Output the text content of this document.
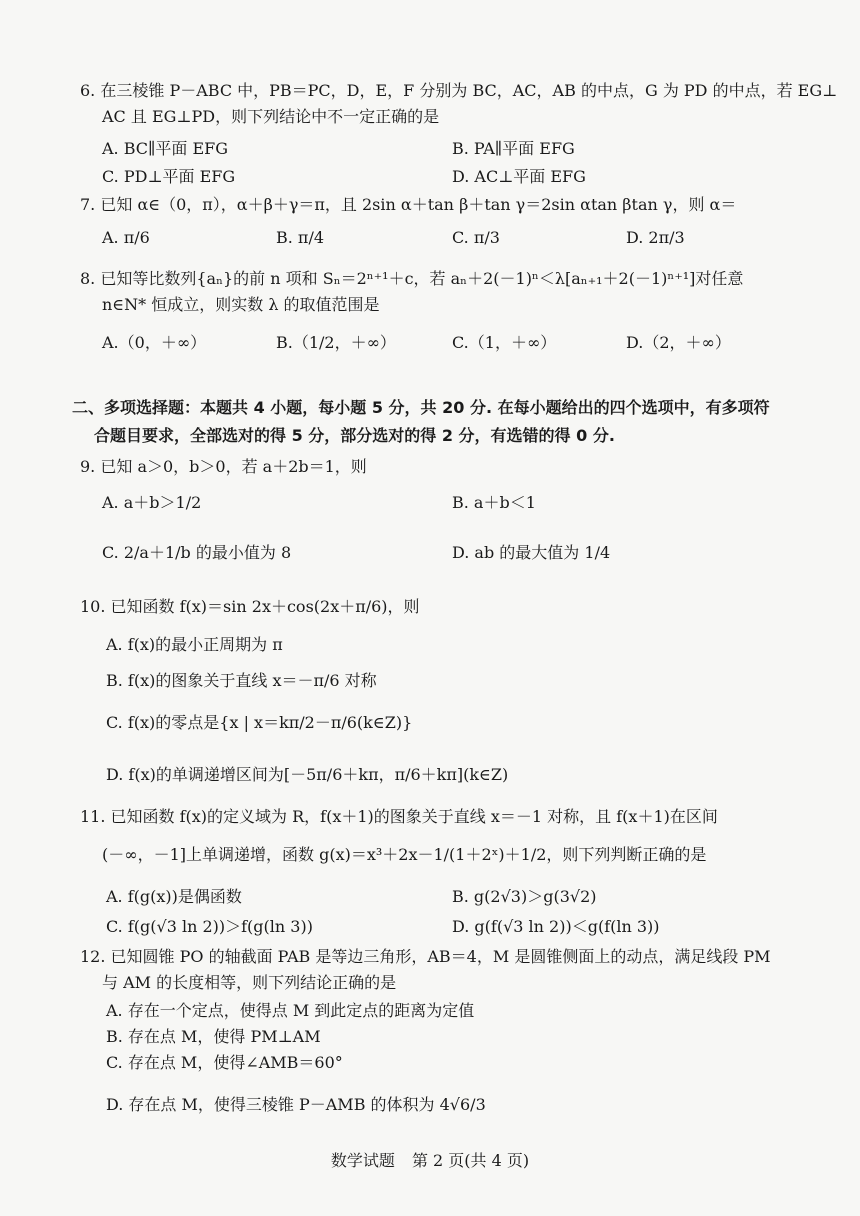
6. 在三棱锥 P－ABC 中，PB＝PC，D，E，F 分别为 BC，AC，AB 的中点，G 为 PD 的中点，若 EG⊥
AC 且 EG⊥PD，则下列结论中不一定正确的是
A. BC∥平面 EFG	B. PA∥平面 EFG
C. PD⊥平面 EFG	D. AC⊥平面 EFG
7. 已知 α∈（0，π），α＋β＋γ＝π，且 2sin α＋tan β＋tan γ＝2sin αtan βtan γ，则 α＝
A. π/6	B. π/4	C. π/3	D. 2π/3
8. 已知等比数列{aₙ}的前 n 项和 Sₙ＝2ⁿ⁺¹＋c，若 aₙ＋2(－1)ⁿ＜λ[aₙ₊₁＋2(－1)ⁿ⁺¹]对任意
n∈N* 恒成立，则实数 λ 的取值范围是
A.（0，＋∞）	B.（1/2，＋∞）	C.（1，＋∞）	D.（2，＋∞）
二、多项选择题：本题共 4 小题，每小题 5 分，共 20 分. 在每小题给出的四个选项中，有多项符
合题目要求，全部选对的得 5 分，部分选对的得 2 分，有选错的得 0 分.
9. 已知 a＞0，b＞0，若 a＋2b＝1，则
A. a＋b＞1/2	B. a＋b＜1
C. 2/a＋1/b 的最小值为 8	D. ab 的最大值为 1/4
10. 已知函数 f(x)＝sin 2x＋cos(2x＋π/6)，则
A. f(x)的最小正周期为 π
B. f(x)的图象关于直线 x＝－π/6 对称
C. f(x)的零点是{x | x＝kπ/2－π/6(k∈Z)}
D. f(x)的单调递增区间为[－5π/6＋kπ，π/6＋kπ](k∈Z)
11. 已知函数 f(x)的定义域为 R，f(x＋1)的图象关于直线 x＝－1 对称，且 f(x＋1)在区间
(－∞，－1]上单调递增，函数 g(x)＝x³＋2x－1/(1＋2ˣ)＋1/2，则下列判断正确的是
A. f(g(x))是偶函数	B. g(2√3)＞g(3√2)
C. f(g(√3 ln 2))＞f(g(ln 3))	D. g(f(√3 ln 2))＜g(f(ln 3))
12. 已知圆锥 PO 的轴截面 PAB 是等边三角形，AB＝4，M 是圆锥侧面上的动点，满足线段 PM
与 AM 的长度相等，则下列结论正确的是
A. 存在一个定点，使得点 M 到此定点的距离为定值
B. 存在点 M，使得 PM⊥AM
C. 存在点 M，使得∠AMB＝60°
D. 存在点 M，使得三棱锥 P－AMB 的体积为 4√6/3
数学试题 第 2 页(共 4 页)
